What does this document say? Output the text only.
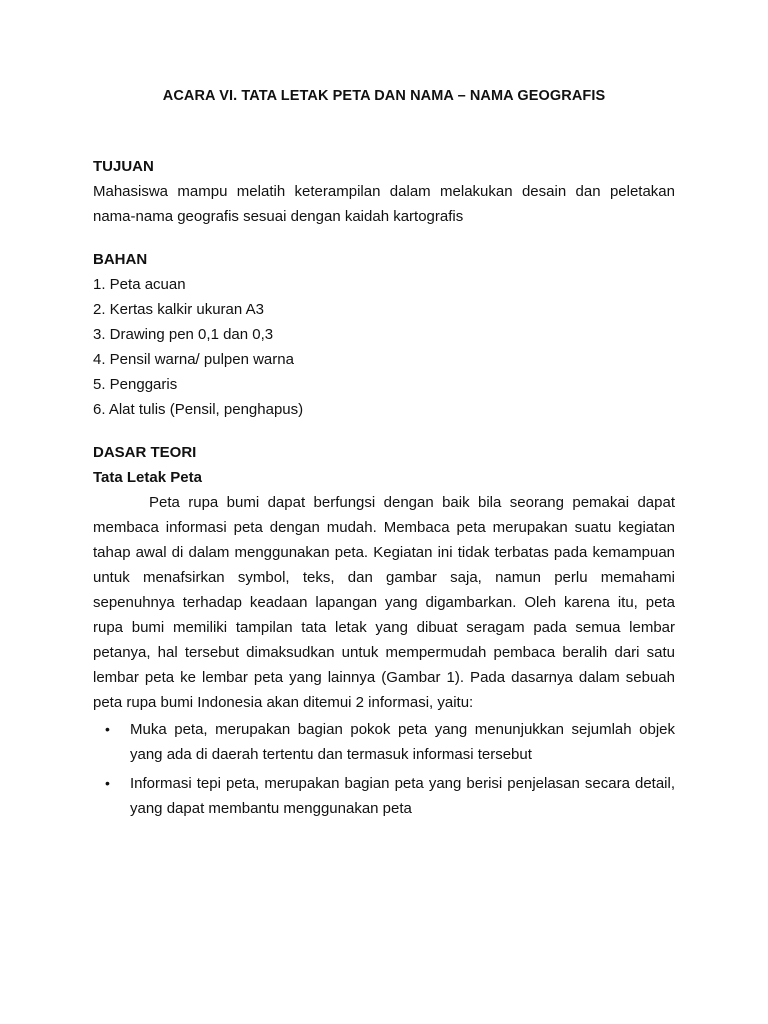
ACARA VI. TATA LETAK PETA DAN NAMA – NAMA GEOGRAFIS

TUJUAN

Mahasiswa mampu melatih keterampilan dalam melakukan desain dan peletakan nama-nama geografis sesuai dengan kaidah kartografis

BAHAN

1. Peta acuan
2. Kertas kalkir ukuran A3
3. Drawing pen 0,1 dan 0,3
4. Pensil warna/ pulpen warna
5. Penggaris
6. Alat tulis (Pensil, penghapus)

DASAR TEORI

Tata Letak Peta

Peta rupa bumi dapat berfungsi dengan baik bila seorang pemakai dapat membaca informasi peta dengan mudah. Membaca peta merupakan suatu kegiatan tahap awal di dalam menggunakan peta. Kegiatan ini tidak terbatas pada kemampuan untuk menafsirkan symbol, teks, dan gambar saja, namun perlu memahami sepenuhnya terhadap keadaan lapangan yang digambarkan. Oleh karena itu, peta rupa bumi memiliki tampilan tata letak yang dibuat seragam pada semua lembar petanya, hal tersebut dimaksudkan untuk mempermudah pembaca beralih dari satu lembar peta ke lembar peta yang lainnya (Gambar 1). Pada dasarnya dalam sebuah peta rupa bumi Indonesia akan ditemui 2 informasi, yaitu:

• Muka peta, merupakan bagian pokok peta yang menunjukkan sejumlah objek yang ada di daerah tertentu dan termasuk informasi tersebut
• Informasi tepi peta, merupakan bagian peta yang berisi penjelasan secara detail, yang dapat membantu menggunakan peta
